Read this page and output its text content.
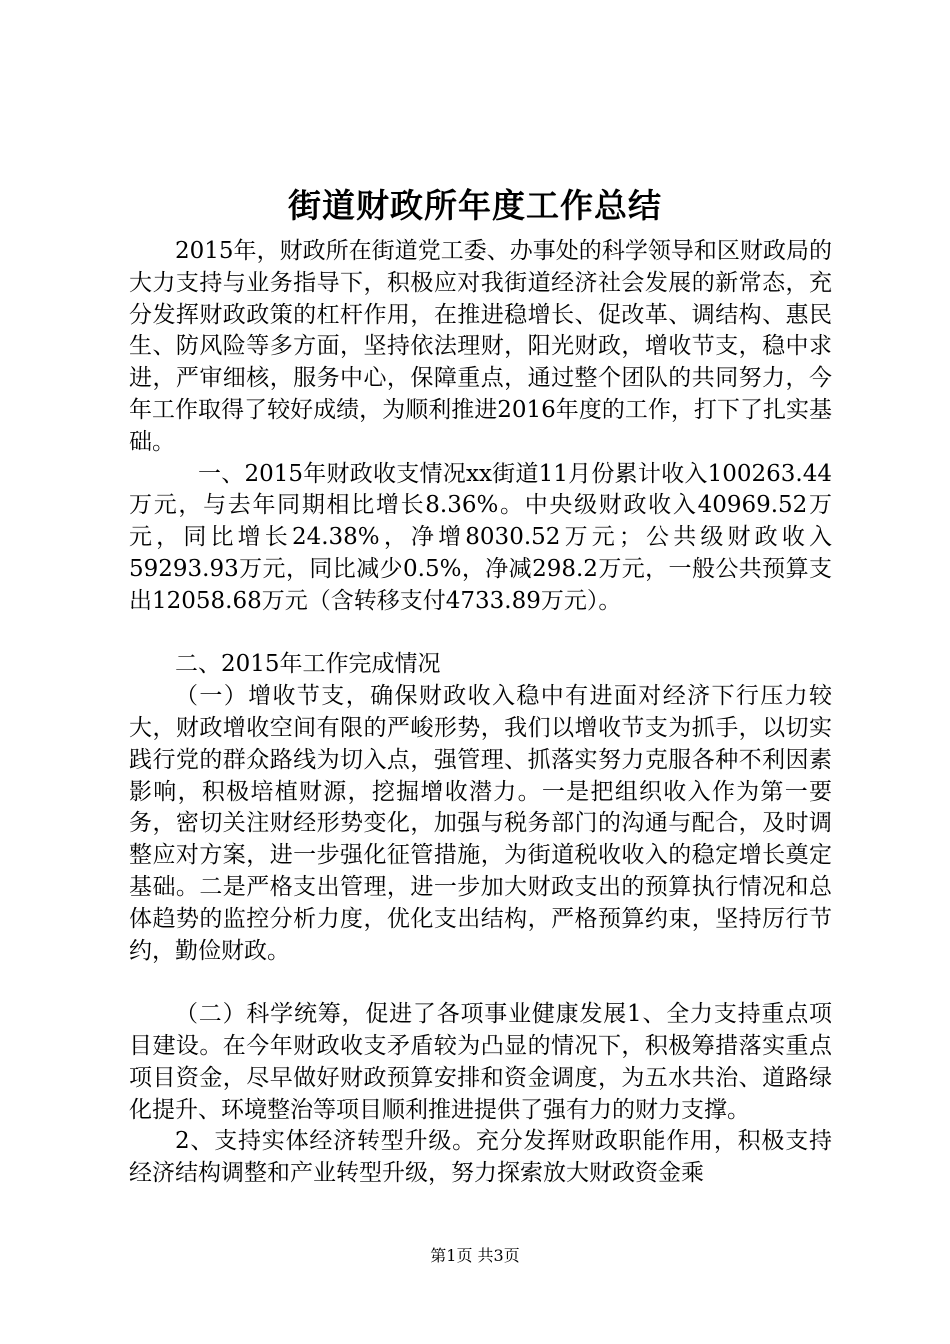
街道财政所年度工作总结

2015年，财政所在街道党工委、办事处的科学领导和区财政局的大力支持与业务指导下，积极应对我街道经济社会发展的新常态，充分发挥财政政策的杠杆作用，在推进稳增长、促改革、调结构、惠民生、防风险等多方面，坚持依法理财，阳光财政，增收节支，稳中求进，严审细核，服务中心，保障重点，通过整个团队的共同努力，今年工作取得了较好成绩，为顺利推进2016年度的工作，打下了扎实基础。

一、2015年财政收支情况xx街道11月份累计收入100263.44万元，与去年同期相比增长8.36%。中央级财政收入40969.52万元，同比增长24.38%，净增8030.52万元；公共级财政收入59293.93万元，同比减少0.5%，净减298.2万元，一般公共预算支出12058.68万元（含转移支付4733.89万元）。

二、2015年工作完成情况

（一）增收节支，确保财政收入稳中有进面对经济下行压力较大，财政增收空间有限的严峻形势，我们以增收节支为抓手，以切实践行党的群众路线为切入点，强管理、抓落实努力克服各种不利因素影响，积极培植财源，挖掘增收潜力。一是把组织收入作为第一要务，密切关注财经形势变化，加强与税务部门的沟通与配合，及时调整应对方案，进一步强化征管措施，为街道税收收入的稳定增长奠定基础。二是严格支出管理，进一步加大财政支出的预算执行情况和总体趋势的监控分析力度，优化支出结构，严格预算约束，坚持厉行节约，勤俭财政。

（二）科学统筹，促进了各项事业健康发展1、全力支持重点项目建设。在今年财政收支矛盾较为凸显的情况下，积极筹措落实重点项目资金，尽早做好财政预算安排和资金调度，为五水共治、道路绿化提升、环境整治等项目顺利推进提供了强有力的财力支撑。

2、支持实体经济转型升级。充分发挥财政职能作用，积极支持经济结构调整和产业转型升级，努力探索放大财政资金乘

第1页 共3页
